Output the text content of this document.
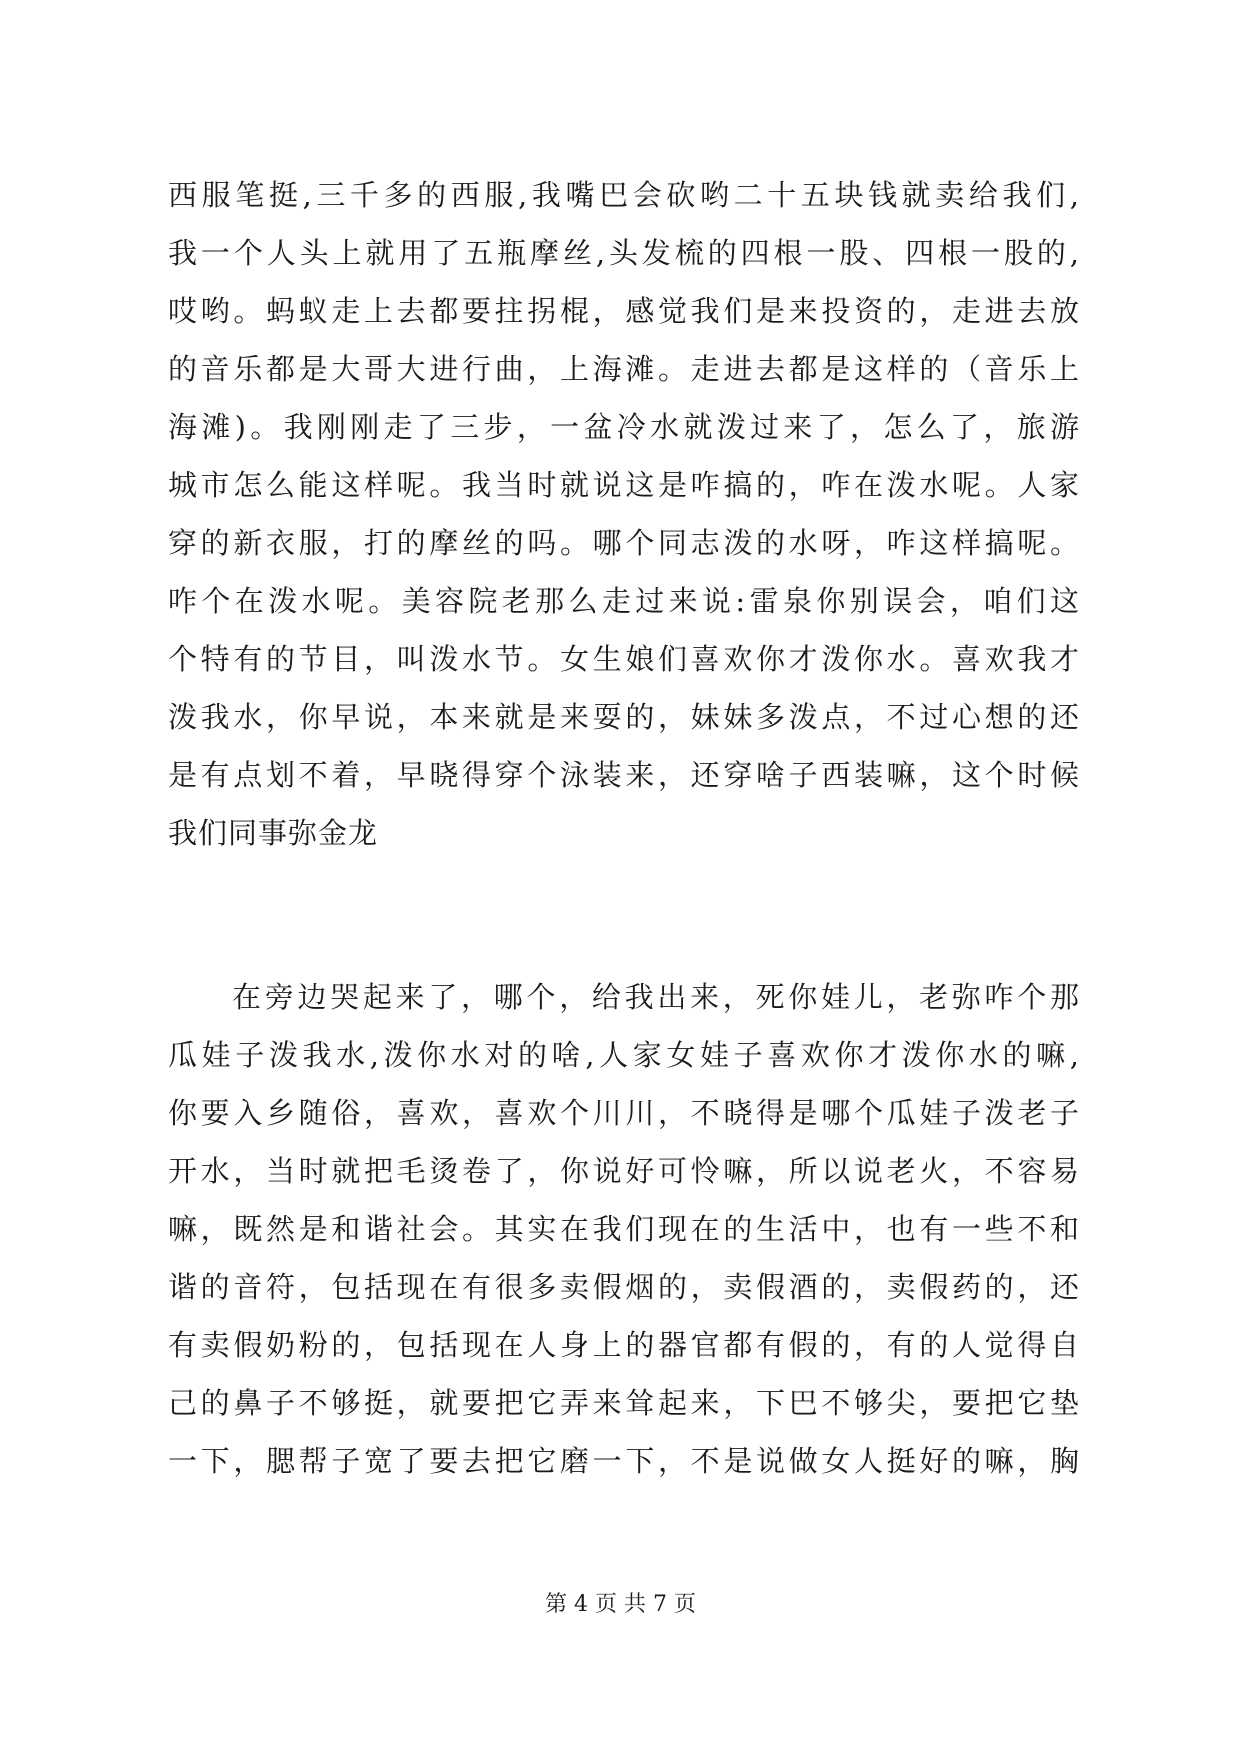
西服笔挺,三千多的西服,我嘴巴会砍哟二十五块钱就卖给我们,
我一个人头上就用了五瓶摩丝,头发梳的四根一股、四根一股的,
哎哟。蚂蚁走上去都要拄拐棍，感觉我们是来投资的，走进去放
的音乐都是大哥大进行曲，上海滩。走进去都是这样的（音乐上
海滩)。我刚刚走了三步，一盆冷水就泼过来了，怎么了，旅游
城市怎么能这样呢。我当时就说这是咋搞的，咋在泼水呢。人家
穿的新衣服，打的摩丝的吗。哪个同志泼的水呀，咋这样搞呢。
咋个在泼水呢。美容院老那么走过来说:雷泉你别误会，咱们这
个特有的节目，叫泼水节。女生娘们喜欢你才泼你水。喜欢我才
泼我水，你早说，本来就是来耍的，妹妹多泼点，不过心想的还
是有点划不着，早晓得穿个泳装来，还穿啥子西装嘛，这个时候
我们同事弥金龙
在旁边哭起来了，哪个，给我出来，死你娃儿，老弥咋个那
瓜娃子泼我水,泼你水对的啥,人家女娃子喜欢你才泼你水的嘛,
你要入乡随俗，喜欢，喜欢个川川，不晓得是哪个瓜娃子泼老子
开水，当时就把毛烫卷了，你说好可怜嘛，所以说老火，不容易
嘛，既然是和谐社会。其实在我们现在的生活中，也有一些不和
谐的音符，包括现在有很多卖假烟的，卖假酒的，卖假药的，还
有卖假奶粉的，包括现在人身上的器官都有假的，有的人觉得自
己的鼻子不够挺，就要把它弄来耸起来，下巴不够尖，要把它垫
一下，腮帮子宽了要去把它磨一下，不是说做女人挺好的嘛，胸
第 4 页 共 7 页
